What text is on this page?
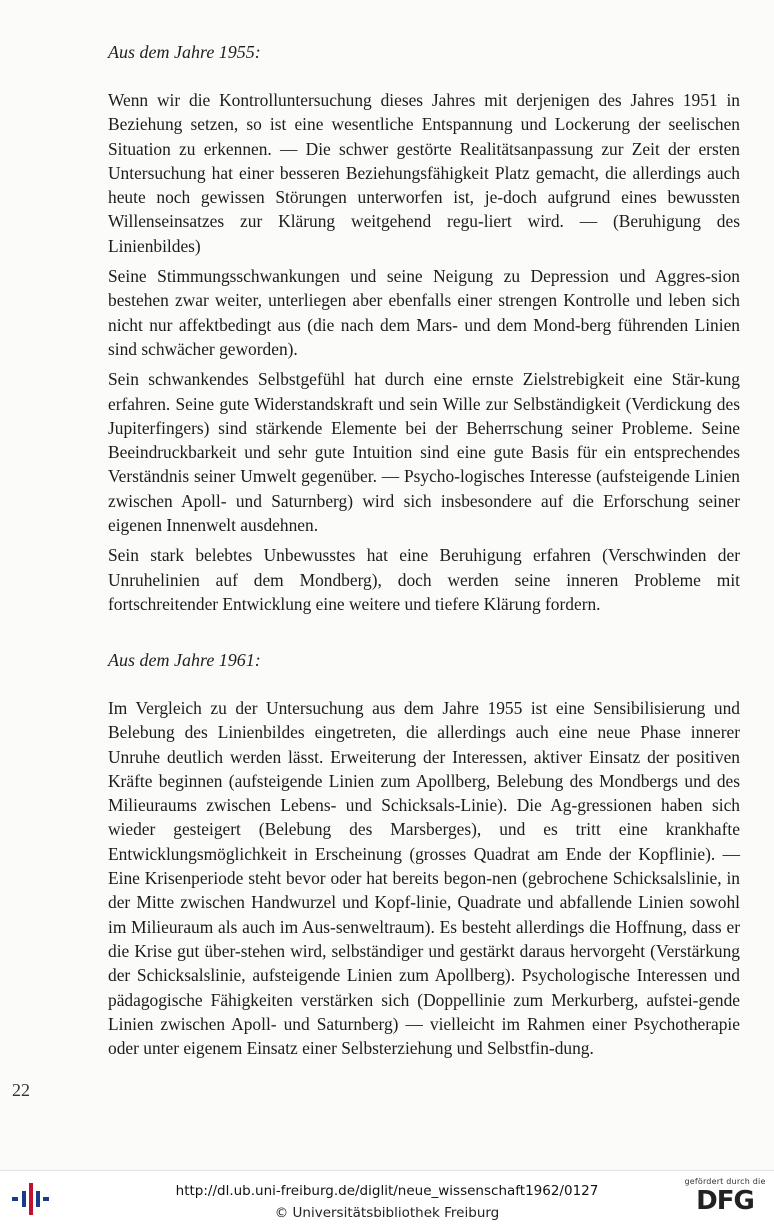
Aus dem Jahre 1955:

Wenn wir die Kontrolluntersuchung dieses Jahres mit derjenigen des Jahres 1951 in Beziehung setzen, so ist eine wesentliche Entspannung und Lockerung der seelischen Situation zu erkennen. — Die schwer gestörte Realitätsanpassung zur Zeit der ersten Untersuchung hat einer besseren Beziehungsfähigkeit Platz gemacht, die allerdings auch heute noch gewissen Störungen unterworfen ist, je-doch aufgrund eines bewussten Willenseinsatzes zur Klärung weitgehend regu-liert wird. — (Beruhigung des Linienbildes)

Seine Stimmungsschwankungen und seine Neigung zu Depression und Aggres-sion bestehen zwar weiter, unterliegen aber ebenfalls einer strengen Kontrolle und leben sich nicht nur affektbedingt aus (die nach dem Mars- und dem Mond-berg führenden Linien sind schwächer geworden).

Sein schwankendes Selbstgefühl hat durch eine ernste Zielstrebigkeit eine Stär-kung erfahren. Seine gute Widerstandskraft und sein Wille zur Selbständigkeit (Verdickung des Jupiterfingers) sind stärkende Elemente bei der Beherrschung seiner Probleme. Seine Beeindruckbarkeit und sehr gute Intuition sind eine gute Basis für ein entsprechendes Verständnis seiner Umwelt gegenüber. — Psycho-logisches Interesse (aufsteigende Linien zwischen Apoll- und Saturnberg) wird sich insbesondere auf die Erforschung seiner eigenen Innenwelt ausdehnen.

Sein stark belebtes Unbewusstes hat eine Beruhigung erfahren (Verschwinden der Unruhelinien auf dem Mondberg), doch werden seine inneren Probleme mit fortschreitender Entwicklung eine weitere und tiefere Klärung fordern.

Aus dem Jahre 1961:

Im Vergleich zu der Untersuchung aus dem Jahre 1955 ist eine Sensibilisierung und Belebung des Linienbildes eingetreten, die allerdings auch eine neue Phase innerer Unruhe deutlich werden lässt. Erweiterung der Interessen, aktiver Einsatz der positiven Kräfte beginnen (aufsteigende Linien zum Apollberg, Belebung des Mondbergs und des Milieuraums zwischen Lebens- und Schicksals-Linie). Die Ag-gressionen haben sich wieder gesteigert (Belebung des Marsberges), und es tritt eine krankhafte Entwicklungsmöglichkeit in Erscheinung (grosses Quadrat am Ende der Kopflinie). — Eine Krisenperiode steht bevor oder hat bereits begon-nen (gebrochene Schicksalslinie, in der Mitte zwischen Handwurzel und Kopf-linie, Quadrate und abfallende Linien sowohl im Milieuraum als auch im Aus-senweltraum). Es besteht allerdings die Hoffnung, dass er die Krise gut über-stehen wird, selbständiger und gestärkt daraus hervorgeht (Verstärkung der Schicksalslinie, aufsteigende Linien zum Apollberg). Psychologische Interessen und pädagogische Fähigkeiten verstärken sich (Doppellinie zum Merkurberg, aufstei-gende Linien zwischen Apoll- und Saturnberg) — vielleicht im Rahmen einer Psychotherapie oder unter eigenem Einsatz einer Selbsterziehung und Selbstfin-dung.

22
http://dl.ub.uni-freiburg.de/diglit/neue_wissenschaft1962/0127
© Universitätsbibliothek Freiburg
gefördert durch die
DFG
